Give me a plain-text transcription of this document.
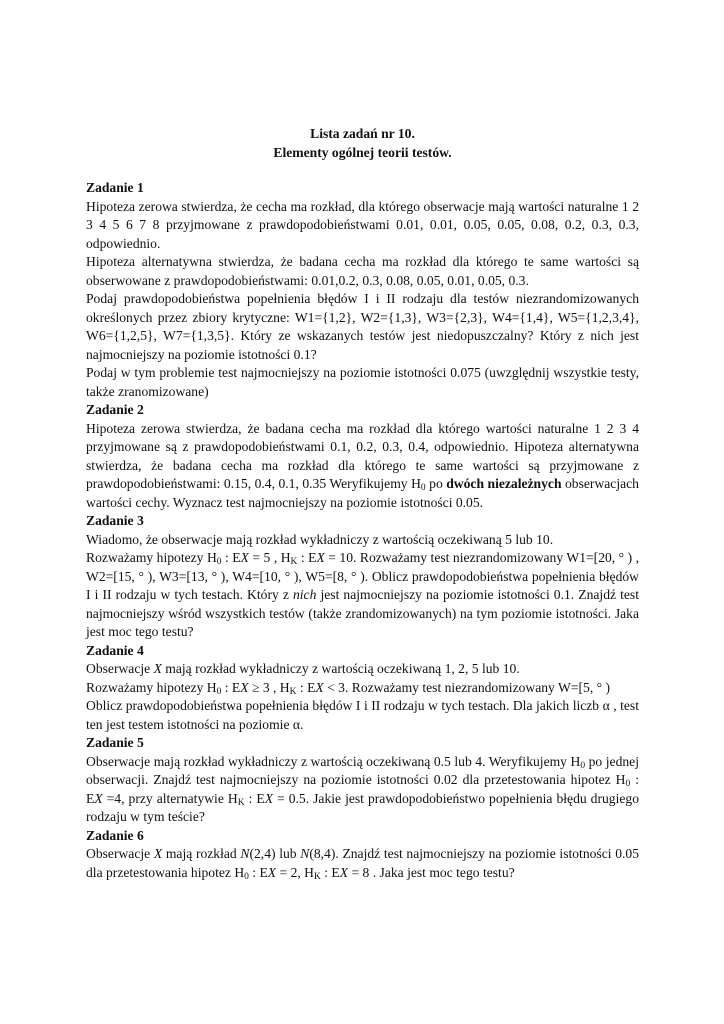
Lista zadań nr 10.
Elementy ogólnej teorii testów.
Zadanie 1

Hipoteza zerowa stwierdza, że cecha ma rozkład, dla którego obserwacje mają wartości naturalne 1 2 3 4 5 6 7 8 przyjmowane z prawdopodobieństwami 0.01, 0.01, 0.05, 0.05, 0.08, 0.2, 0.3, 0.3, odpowiednio.

Hipoteza alternatywna stwierdza, że badana cecha ma rozkład dla którego te same wartości są obserwowane z prawdopodobieństwami: 0.01,0.2, 0.3, 0.08, 0.05, 0.01, 0.05, 0.3.

Podaj prawdopodobieństwa popełnienia błędów I i II rodzaju dla testów niezrandomizowanych określonych przez zbiory krytyczne: W1={1,2}, W2={1,3}, W3={2,3}, W4={1,4}, W5={1,2,3,4}, W6={1,2,5}, W7={1,3,5}. Który ze wskazanych testów jest niedopuszczalny? Który z nich jest najmocniejszy na poziomie istotności 0.1?

Podaj w tym problemie test najmocniejszy na poziomie istotności 0.075 (uwzględnij wszystkie testy, także zranomizowane)

Zadanie 2

Hipoteza zerowa stwierdza, że badana cecha ma rozkład dla którego wartości naturalne 1 2 3 4 przyjmowane są z prawdopodobieństwami 0.1, 0.2, 0.3, 0.4, odpowiednio. Hipoteza alternatywna stwierdza, że badana cecha ma rozkład dla którego te same wartości są przyjmowane z prawdopodobieństwami: 0.15, 0.4, 0.1, 0.35 Weryfikujemy $H_0$ po dwóch niezależnych obserwacjach wartości cechy. Wyznacz test najmocniejszy na poziomie istotności 0.05.

Zadanie 3

Wiadomo, że obserwacje mają rozkład wykładniczy z wartością oczekiwaną 5 lub 10.

Rozważamy hipotezy $H_0$ : EX = 5 , $H_K$ : EX = 10. Rozważamy test niezrandomizowany W1=[20, ° ) , W2=[15, ° ), W3=[13, ° ), W4=[10, ° ), W5=[8, ° ). Oblicz prawdopodobieństwa popełnienia błędów I i II rodzaju w tych testach. Który z nich jest najmocniejszy na poziomie istotności 0.1. Znajdź test najmocniejszy wśród wszystkich testów (także zrandomizowanych) na tym poziomie istotności. Jaka jest moc tego testu?

Zadanie 4

Obserwacje X mają rozkład wykładniczy z wartością oczekiwaną 1, 2, 5 lub 10.

Rozważamy hipotezy $H_0$ : EX ≥ 3 , $H_K$ : EX < 3. Rozważamy test niezrandomizowany W=[5, ° )

Oblicz prawdopodobieństwa popełnienia błędów I i II rodzaju w tych testach. Dla jakich liczb α , test ten jest testem istotności na poziomie α.

Zadanie 5

Obserwacje mają rozkład wykładniczy z wartością oczekiwaną 0.5 lub 4. Weryfikujemy $H_0$ po jednej obserwacji. Znajdź test najmocniejszy na poziomie istotności 0.02 dla przetestowania hipotez $H_0$ : EX =4, przy alternatywie $H_K$ : EX = 0.5. Jakie jest prawdopodobieństwo popełnienia błędu drugiego rodzaju w tym teście?

Zadanie 6

Obserwacje X mają rozkład N(2,4) lub N(8,4). Znajdź test najmocniejszy na poziomie istotności 0.05 dla przetestowania hipotez $H_0$ : EX = 2, $H_K$ : EX = 8 . Jaka jest moc tego testu?
